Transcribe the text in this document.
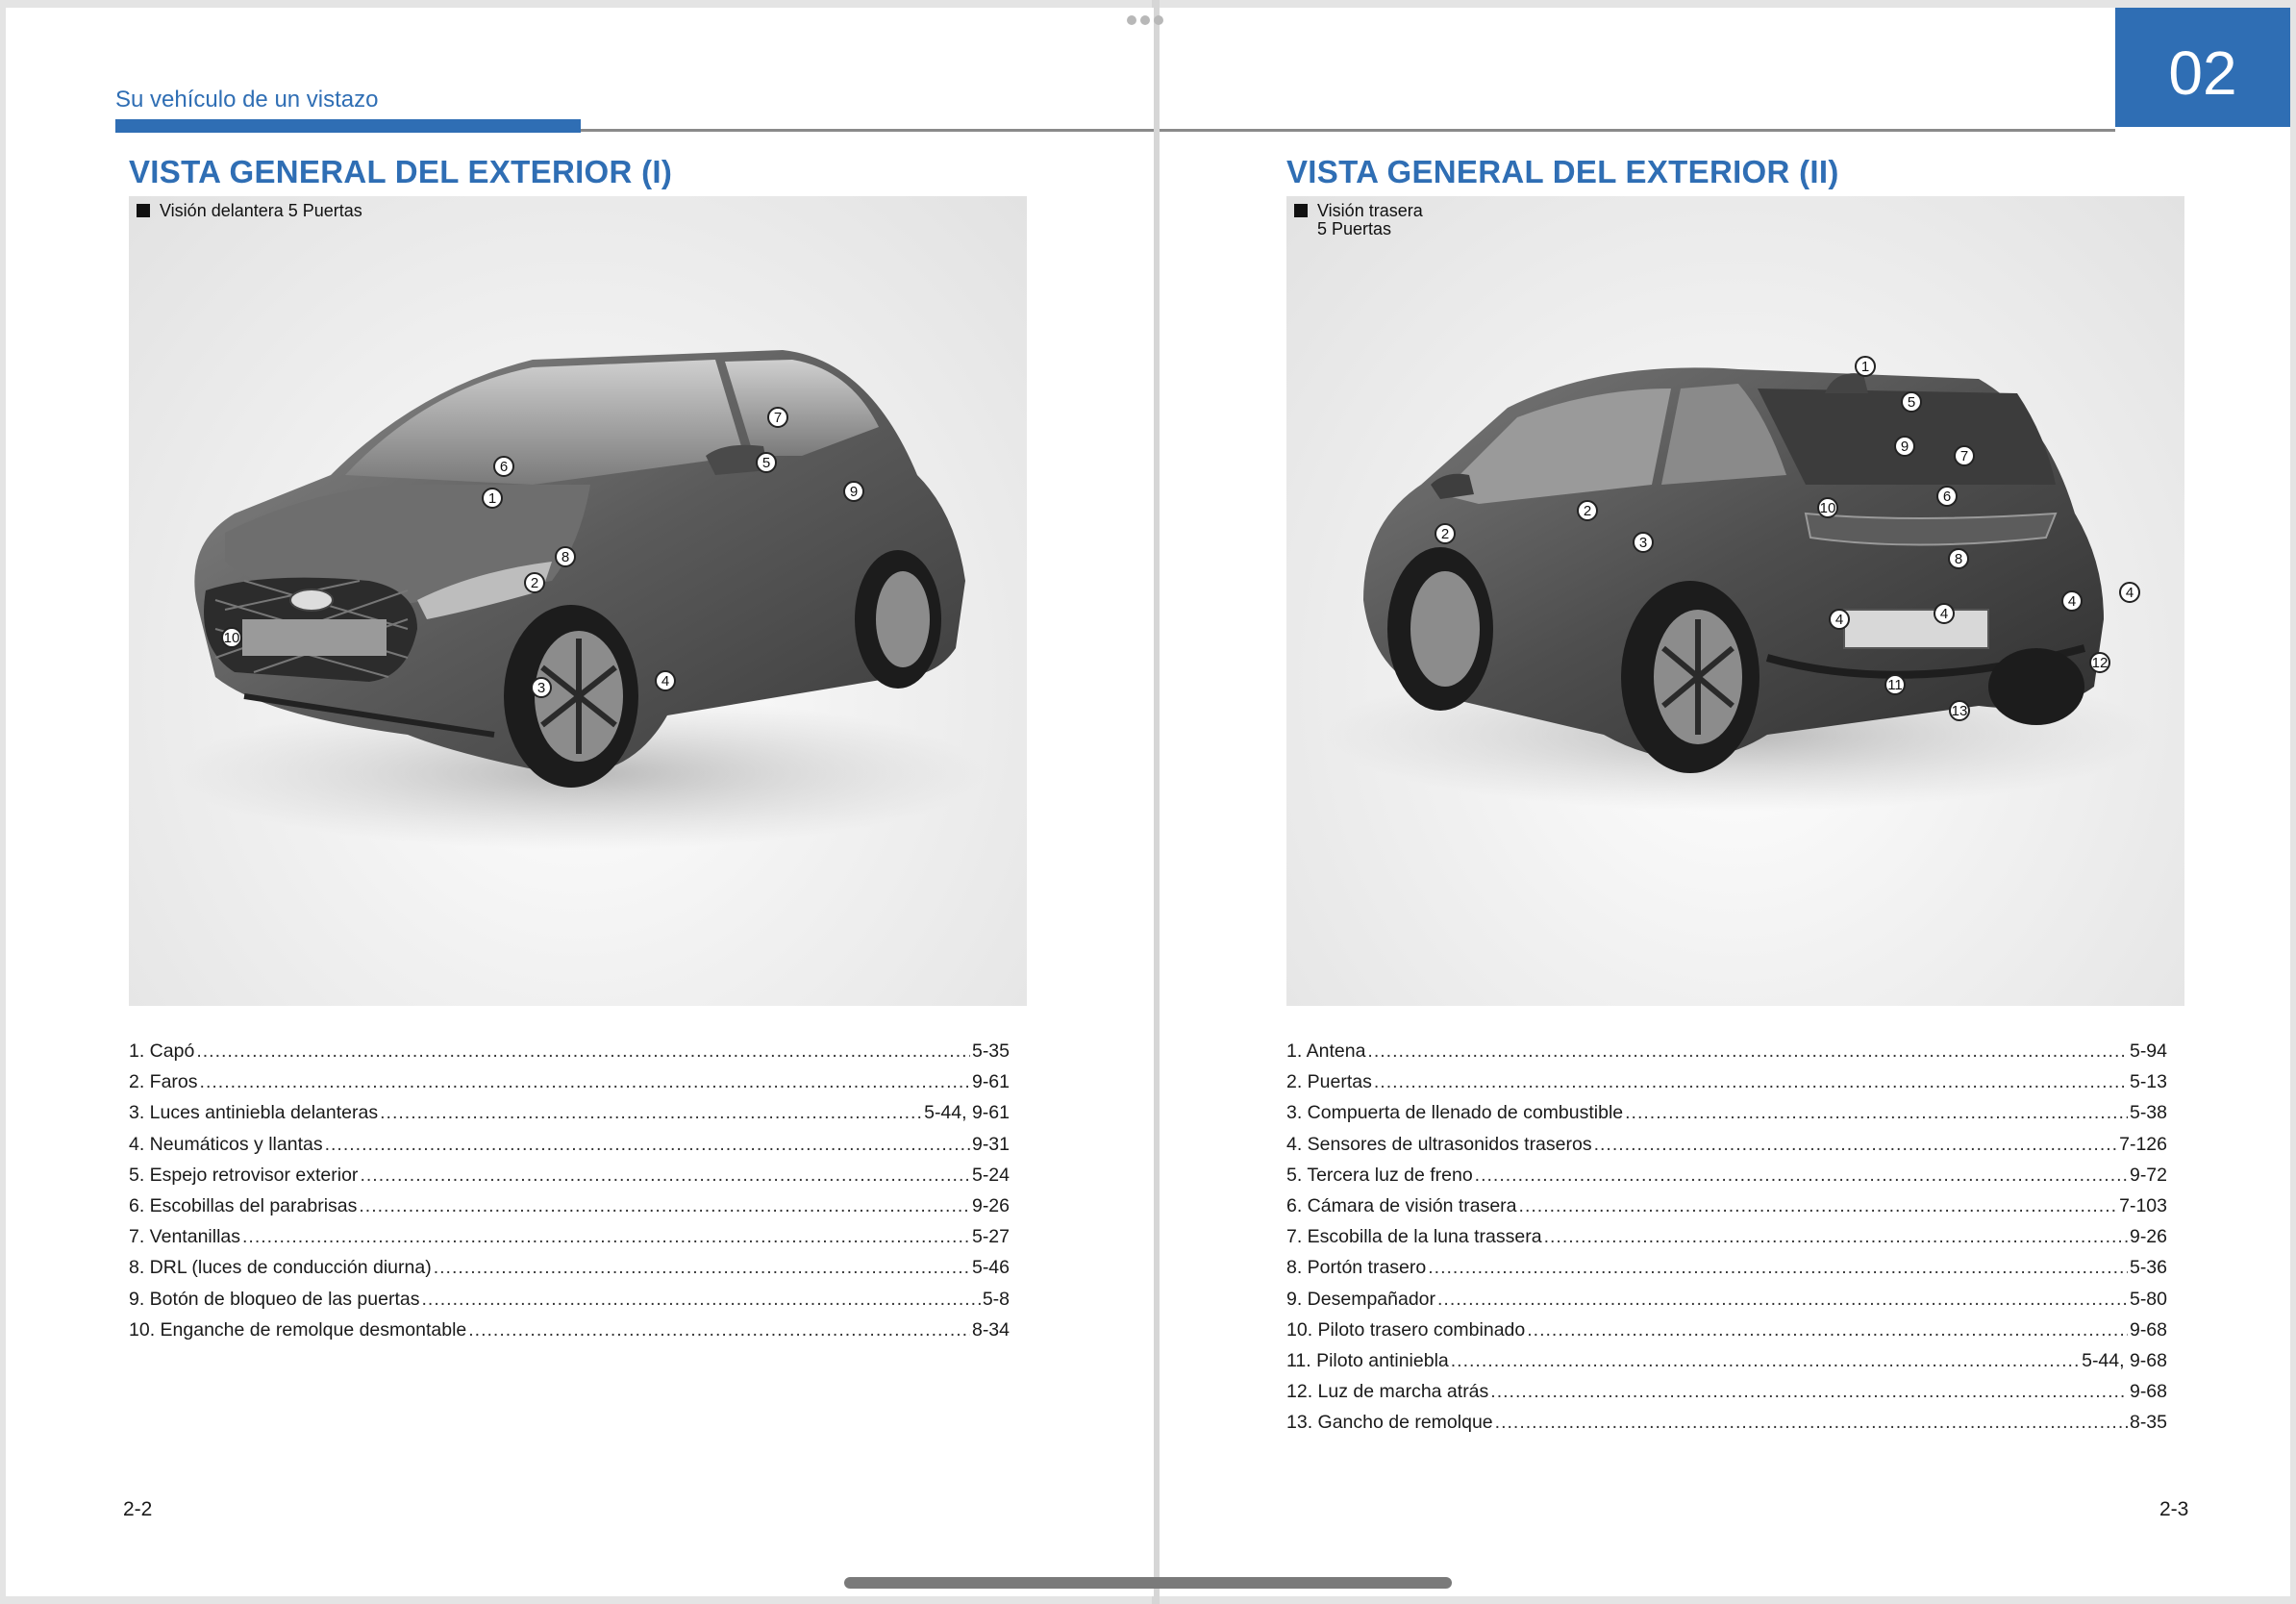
Su vehículo de un vistazo
VISTA GENERAL DEL EXTERIOR (I)
Visión delantera 5 Puertas
1
2
3	4
5
6
7
8
9
10
1. Capó .....	5-35
2. Faros .....	9-61
3. Luces antiniebla delanteras .....	5-44, 9-61
4. Neumáticos y llantas .....	9-31
5. Espejo retrovisor exterior .....	5-24
6. Escobillas del parabrisas .....	9-26
7. Ventanillas .....	5-27
8. DRL (luces de conducción diurna) .....	5-46
9. Botón de bloqueo de las puertas .....	5-8
10. Enganche de remolque desmontable .....	8-34
2-2
02
VISTA GENERAL DEL EXTERIOR (II)
Visión trasera
5 Puertas
1
5
9
7
6
2
2	10
3
8
4	4
4
4
11
12
13
1. Antena .....	5-94
2. Puertas .....	5-13
3. Compuerta de llenado de combustible .....	5-38
4. Sensores de ultrasonidos traseros .....	7-126
5. Tercera luz de freno .....	9-72
6. Cámara de visión trasera .....	7-103
7. Escobilla de la luna trassera .....	9-26
8. Portón trasero .....	5-36
9. Desempañador .....	5-80
10. Piloto trasero combinado .....	9-68
11. Piloto antiniebla .....	5-44, 9-68
12. Luz de marcha atrás .....	9-68
13. Gancho de remolque .....	8-35
2-3
